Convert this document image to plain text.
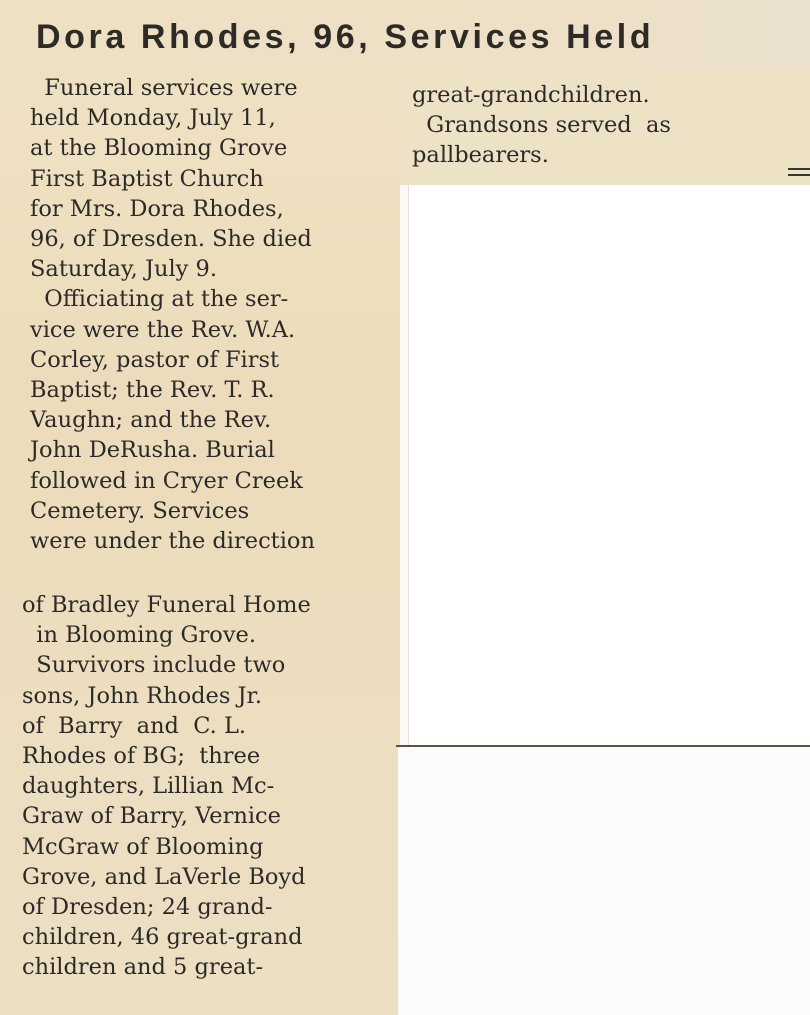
Dora Rhodes, 96, Services Held
Funeral services were
held Monday, July 11,
at the Blooming Grove
First Baptist Church
for Mrs. Dora Rhodes,
96, of Dresden. She died
Saturday, July 9.
Officiating at the ser-
vice were the Rev. W.A.
Corley, pastor of First
Baptist; the Rev. T. R.
Vaughn; and the Rev.
John DeRusha. Burial
followed in Cryer Creek
Cemetery. Services
were under the direction
of Bradley Funeral Home
in Blooming Grove.
Survivors include two
sons, John Rhodes Jr.
of  Barry  and  C. L.
Rhodes of BG;  three
daughters, Lillian Mc-
Graw of Barry, Vernice
McGraw of Blooming
Grove, and LaVerle Boyd
of Dresden; 24 grand-
children, 46 great-grand
children and 5 great-
great-grandchildren.
Grandsons served  as
pallbearers.
